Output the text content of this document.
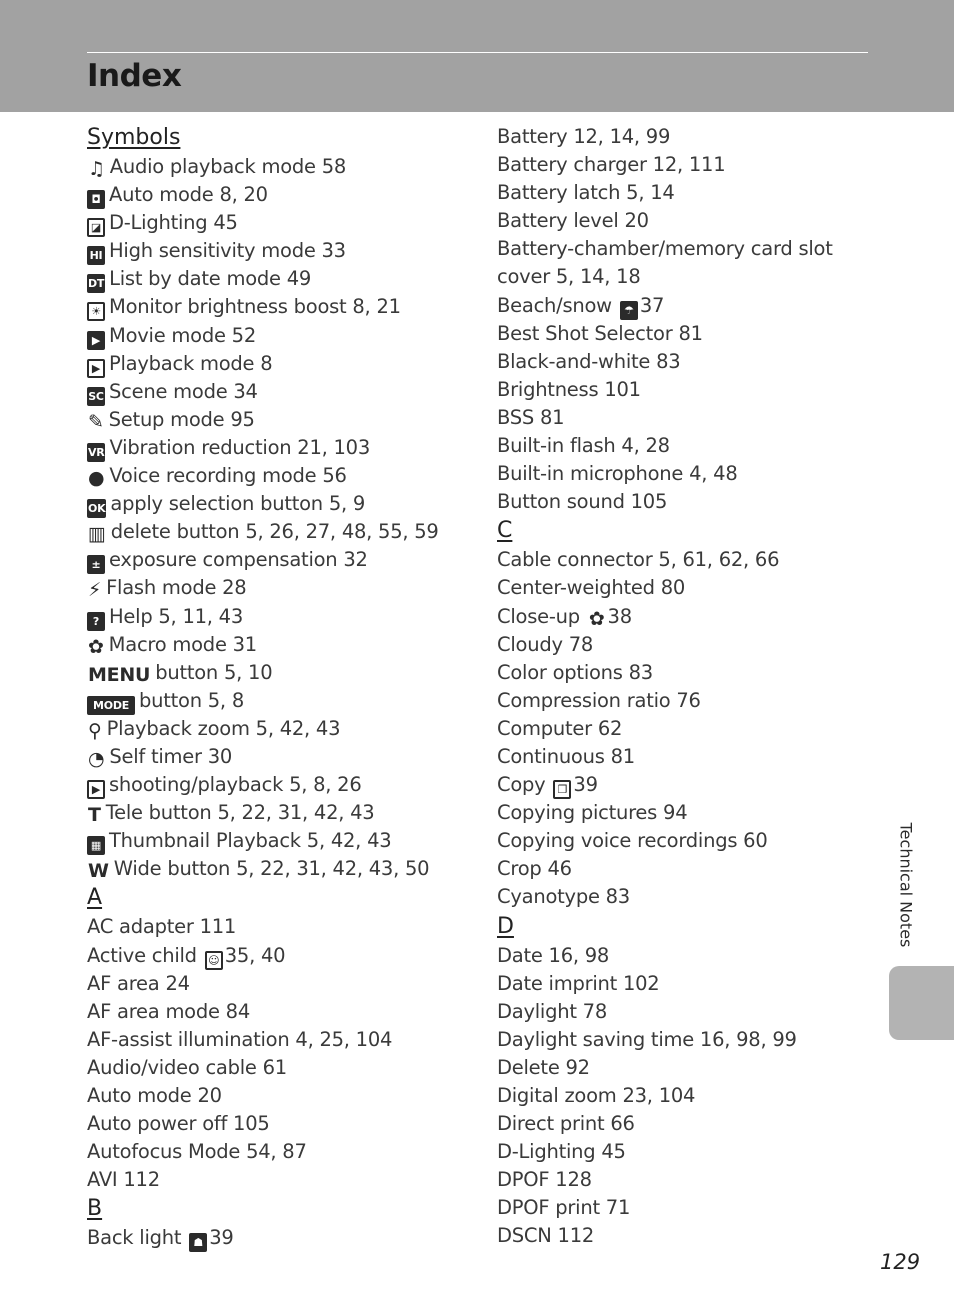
Index
Symbols
♫ Audio playback mode 58
◘ Auto mode 8, 20
◪ D-Lighting 45
HI High sensitivity mode 33
DT List by date mode 49
☀ Monitor brightness boost 8, 21
▶ Movie mode 52
▶ Playback mode 8
SC Scene mode 34
✎ Setup mode 95
VR Vibration reduction 21, 103
● Voice recording mode 56
OK apply selection button 5, 9
▥ delete button 5, 26, 27, 48, 55, 59
± exposure compensation 32
⚡ Flash mode 28
? Help 5, 11, 43
✿ Macro mode 31
MENU button 5, 10
MODE button 5, 8
⚲ Playback zoom 5, 42, 43
◔ Self timer 30
▶ shooting/playback 5, 8, 26
T Tele button 5, 22, 31, 42, 43
▦ Thumbnail Playback 5, 42, 43
W Wide button 5, 22, 31, 42, 43, 50
A
AC adapter 111
Active child ☺ 35, 40
AF area 24
AF area mode 84
AF-assist illumination 4, 25, 104
Audio/video cable 61
Auto mode 20
Auto power off 105
Autofocus Mode 54, 87
AVI 112
B
Back light ☗ 39
Battery 12, 14, 99
Battery charger 12, 111
Battery latch 5, 14
Battery level 20
Battery-chamber/memory card slot cover 5, 14, 18
Beach/snow ☂ 37
Best Shot Selector 81
Black-and-white 83
Brightness 101
BSS 81
Built-in flash 4, 28
Built-in microphone 4, 48
Button sound 105
C
Cable connector 5, 61, 62, 66
Center-weighted 80
Close-up ✿ 38
Cloudy 78
Color options 83
Compression ratio 76
Computer 62
Continuous 81
Copy ❐ 39
Copying pictures 94
Copying voice recordings 60
Crop 46
Cyanotype 83
D
Date 16, 98
Date imprint 102
Daylight 78
Daylight saving time 16, 98, 99
Delete 92
Digital zoom 23, 104
Direct print 66
D-Lighting 45
DPOF 128
DPOF print 71
DSCN 112
Technical Notes
129
